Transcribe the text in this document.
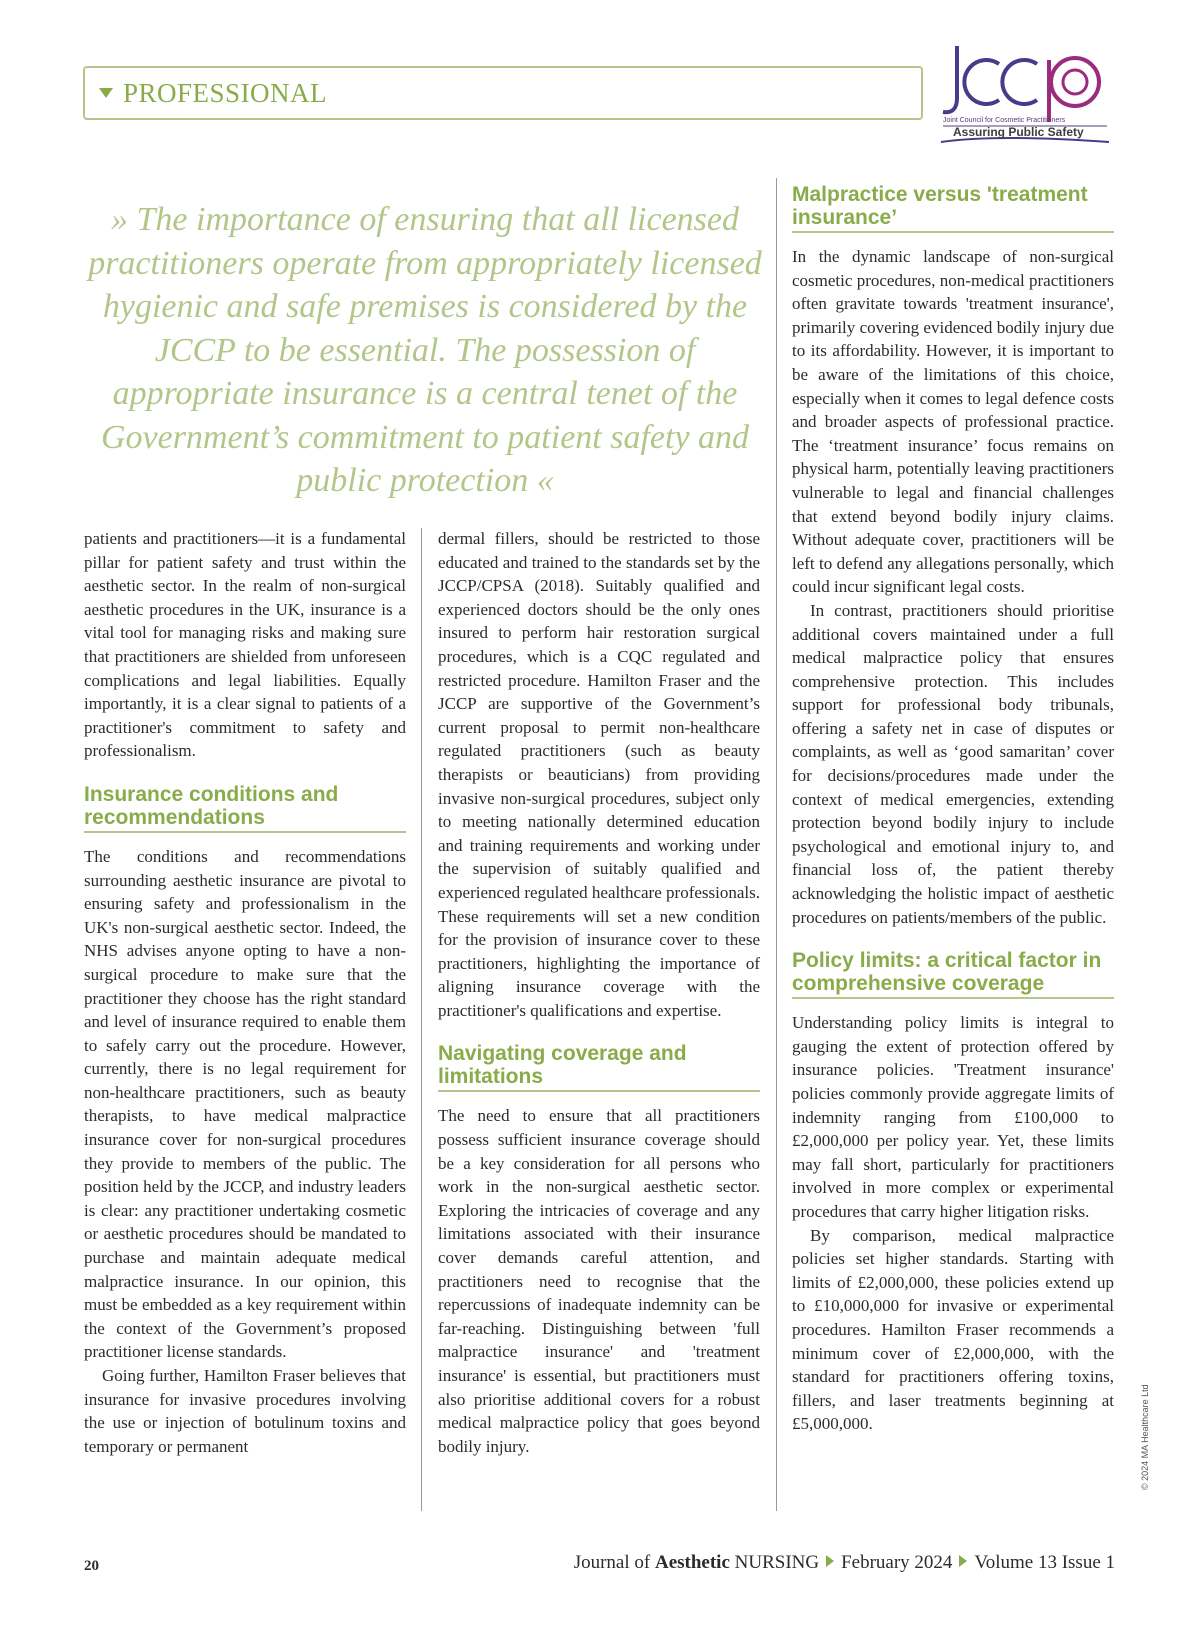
PROFESSIONAL
Joint Council for Cosmetic Practitioners
Assuring Public Safety
» The importance of ensuring that all licensed practitioners operate from appropriately licensed hygienic and safe premises is considered by the JCCP to be essential. The possession of appropriate insurance is a central tenet of the Government’s commitment to patient safety and public protection «

patients and practitioners—it is a fundamental pillar for patient safety and trust within the aesthetic sector. In the realm of non-surgical aesthetic procedures in the UK, insurance is a vital tool for managing risks and making sure that practitioners are shielded from unforeseen complications and legal liabilities. Equally importantly, it is a clear signal to patients of a practitioner's commitment to safety and professionalism.

Insurance conditions and recommendations

The conditions and recommendations surrounding aesthetic insurance are pivotal to ensuring safety and professionalism in the UK's non-surgical aesthetic sector. Indeed, the NHS advises anyone opting to have a non-surgical procedure to make sure that the practitioner they choose has the right standard and level of insurance required to enable them to safely carry out the procedure. However, currently, there is no legal requirement for non-healthcare practitioners, such as beauty therapists, to have medical malpractice insurance cover for non-surgical procedures they provide to members of the public. The position held by the JCCP, and industry leaders is clear: any practitioner undertaking cosmetic or aesthetic procedures should be mandated to purchase and maintain adequate medical malpractice insurance. In our opinion, this must be embedded as a key requirement within the context of the Government’s proposed practitioner license standards.

Going further, Hamilton Fraser believes that insurance for invasive procedures involving the use or injection of botulinum toxins and temporary or permanent

dermal fillers, should be restricted to those educated and trained to the standards set by the JCCP/CPSA (2018). Suitably qualified and experienced doctors should be the only ones insured to perform hair restoration surgical procedures, which is a CQC regulated and restricted procedure. Hamilton Fraser and the JCCP are supportive of the Government’s current proposal to permit non-healthcare regulated practitioners (such as beauty therapists or beauticians) from providing invasive non-surgical procedures, subject only to meeting nationally determined education and training requirements and working under the supervision of suitably qualified and experienced regulated healthcare professionals. These requirements will set a new condition for the provision of insurance cover to these practitioners, highlighting the importance of aligning insurance coverage with the practitioner's qualifications and expertise.

Navigating coverage and limitations

The need to ensure that all practitioners possess sufficient insurance coverage should be a key consideration for all persons who work in the non-surgical aesthetic sector. Exploring the intricacies of coverage and any limitations associated with their insurance cover demands careful attention, and practitioners need to recognise that the repercussions of inadequate indemnity can be far-reaching. Distinguishing between 'full malpractice insurance' and 'treatment insurance' is essential, but practitioners must also prioritise additional covers for a robust medical malpractice policy that goes beyond bodily injury.

Malpractice versus 'treatment insurance’

In the dynamic landscape of non-surgical cosmetic procedures, non-medical practitioners often gravitate towards 'treatment insurance', primarily covering evidenced bodily injury due to its affordability. However, it is important to be aware of the limitations of this choice, especially when it comes to legal defence costs and broader aspects of professional practice. The ‘treatment insurance’ focus remains on physical harm, potentially leaving practitioners vulnerable to legal and financial challenges that extend beyond bodily injury claims. Without adequate cover, practitioners will be left to defend any allegations personally, which could incur significant legal costs.

In contrast, practitioners should prioritise additional covers maintained under a full medical malpractice policy that ensures comprehensive protection. This includes support for professional body tribunals, offering a safety net in case of disputes or complaints, as well as ‘good samaritan’ cover for decisions/procedures made under the context of medical emergencies, extending protection beyond bodily injury to include psychological and emotional injury to, and financial loss of, the patient thereby acknowledging the holistic impact of aesthetic procedures on patients/members of the public.

Policy limits: a critical factor in comprehensive coverage

Understanding policy limits is integral to gauging the extent of protection offered by insurance policies. 'Treatment insurance' policies commonly provide aggregate limits of indemnity ranging from £100,000 to £2,000,000 per policy year. Yet, these limits may fall short, particularly for practitioners involved in more complex or experimental procedures that carry higher litigation risks.

By comparison, medical malpractice policies set higher standards. Starting with limits of £2,000,000, these policies extend up to £10,000,000 for invasive or experimental procedures. Hamilton Fraser recommends a minimum cover of £2,000,000, with the standard for practitioners offering toxins, fillers, and laser treatments beginning at £5,000,000.	© 2024 MA Healthcare Ltd
20	Journal of Aesthetic NURSING February 2024 Volume 13 Issue 1
